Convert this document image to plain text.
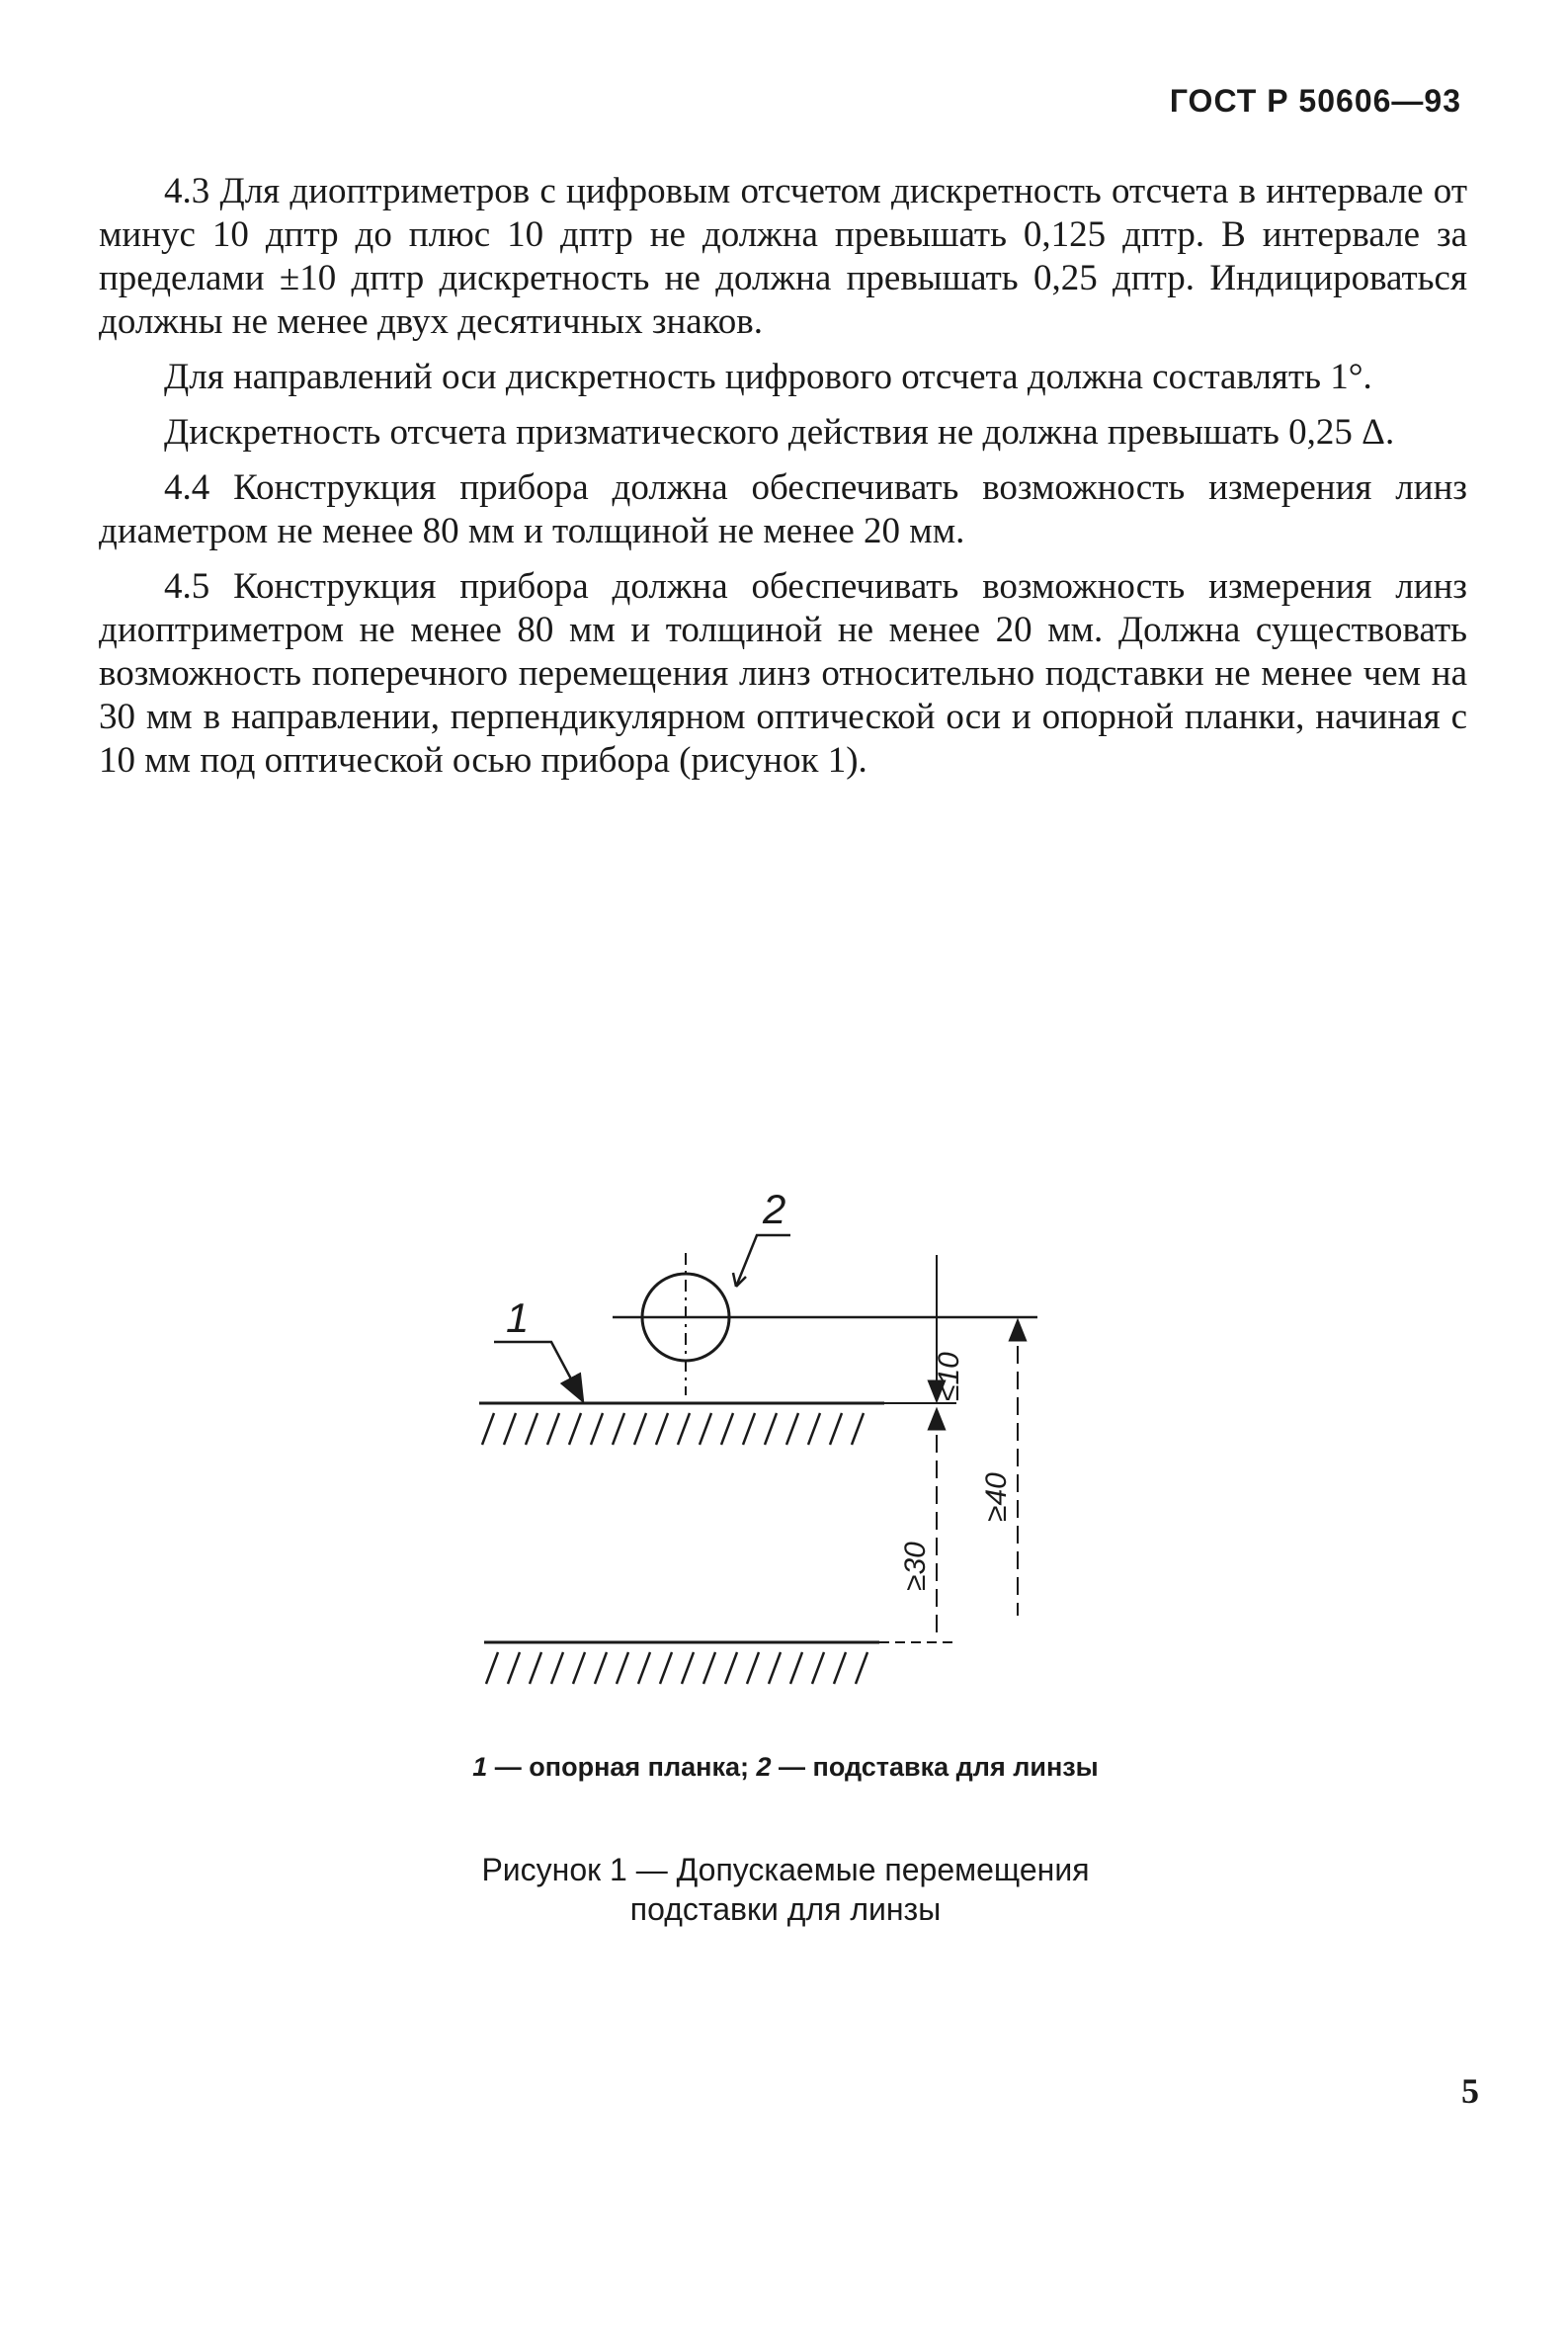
ГОСТ Р 50606—93

4.3 Для диоптриметров с цифровым отсчетом дискретность отсчета в интервале от минус 10 дптр до плюс 10 дптр не должна превышать 0,125 дптр. В интервале за пределами ±10 дптр дискретность не должна превышать 0,25 дптр. Индицироваться должны не менее двух десятичных знаков.

Для направлений оси дискретность цифрового отсчета должна составлять 1°.

Дискретность отсчета призматического действия не должна превышать 0,25 Δ.

4.4 Конструкция прибора должна обеспечивать возможность измерения линз диаметром не менее 80 мм и толщиной не менее 20 мм.

4.5 Конструкция прибора должна обеспечивать возможность измерения линз диоптриметром не менее 80 мм и толщиной не менее 20 мм. Должна существовать возможность поперечного перемещения линз относительно подставки не менее чем на 30 мм в направлении, перпендикулярном оптической оси и опорной планки, начиная с 10 мм под оптической осью прибора (рисунок 1).

1
2
≤10
≥30
≥40
1 — опорная планка; 2 — подставка для линзы
Рисунок 1 — Допускаемые перемещения подставки для линзы
5
